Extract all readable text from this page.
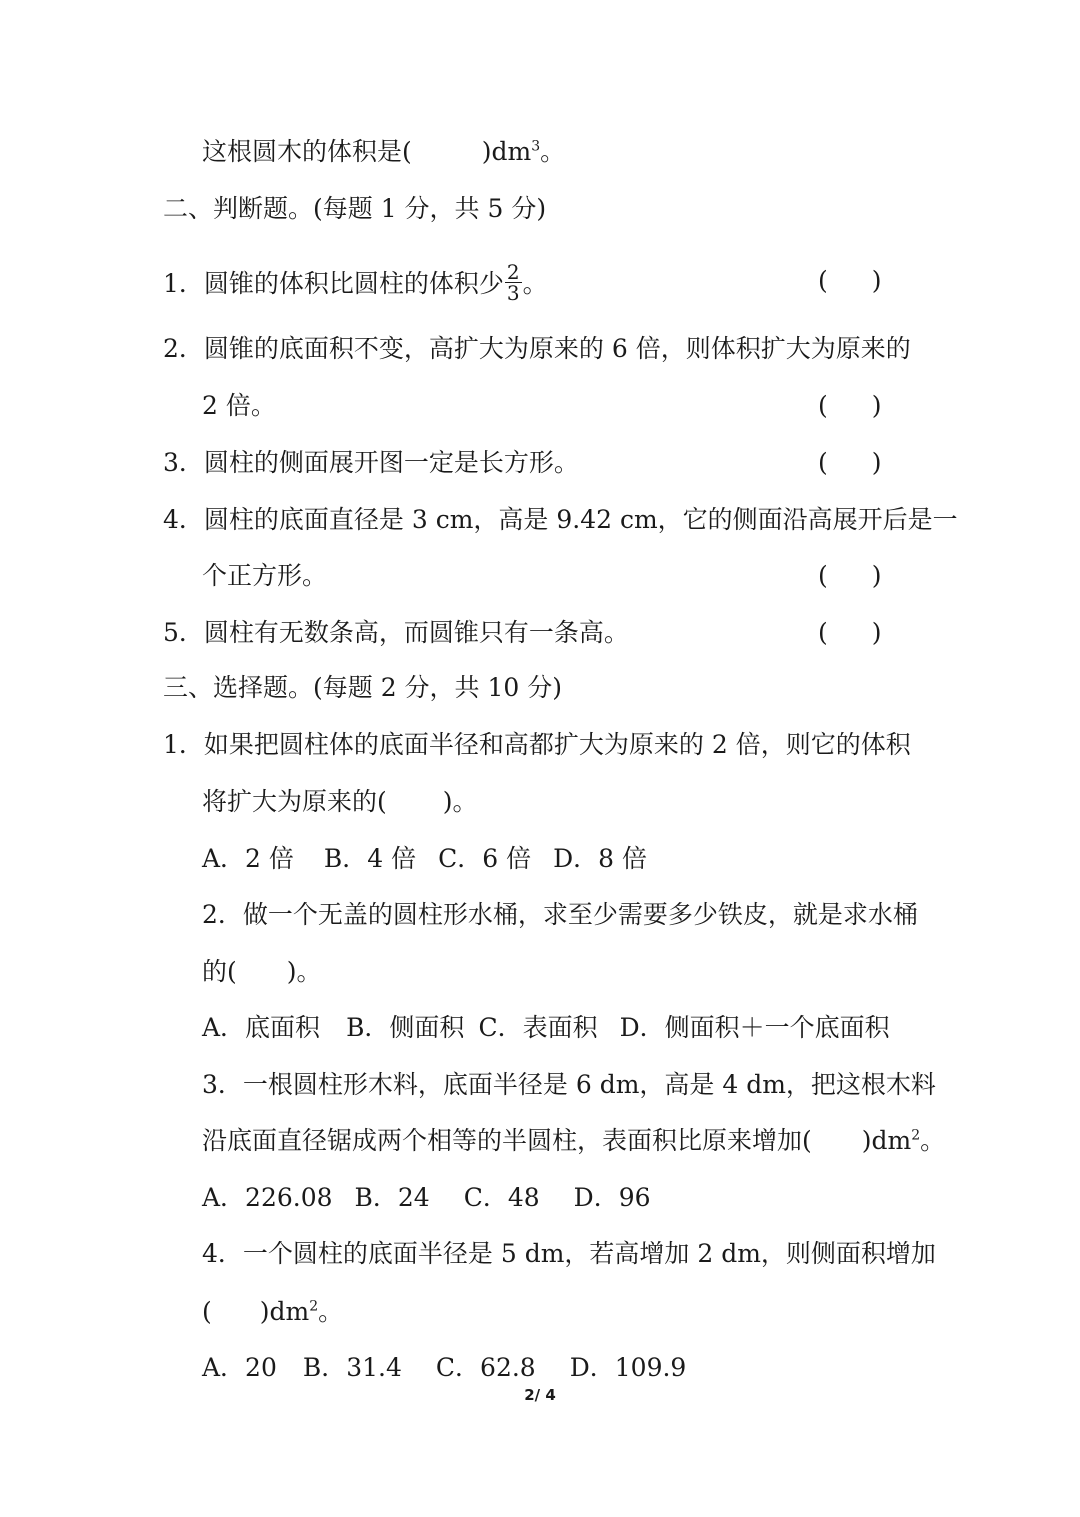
这根圆木的体积是(	)$dm^3$。
二、判断题。(每题 1 分，共 5 分)
1．圆锥的体积比圆柱的体积少 $\frac{2}{3}$ 。	( )
2．圆锥的底面积不变，高扩大为原来的 6 倍，则体积扩大为原来的
2 倍。	( )
3．圆柱的侧面展开图一定是长方形。	( )
4．圆柱的底面直径是 3 cm，高是 9.42 cm，它的侧面沿高展开后是一
个正方形。	( )
5．圆柱有无数条高，而圆锥只有一条高。	( )
三、选择题。(每题 2 分，共 10 分)
1．如果把圆柱体的底面半径和高都扩大为原来的 2 倍，则它的体积
将扩大为原来的( )。
A．2 倍 B．4 倍 C．6 倍 D．8 倍
2．做一个无盖的圆柱形水桶，求至少需要多少铁皮，就是求水桶
的( )。
A．底面积 B．侧面积 C．表面积 D．侧面积＋一个底面积
3．一根圆柱形木料，底面半径是 6 dm，高是 4 dm，把这根木料
沿底面直径锯成两个相等的半圆柱，表面积比原来增加( )$dm^2$。
A．226.08 B．24 C．48 D．96
4．一个圆柱的底面半径是 5 dm，若高增加 2 dm，则侧面积增加
( )$dm^2$。
A．20 B．31.4 C．62.8 D．109.9
2/ 4
